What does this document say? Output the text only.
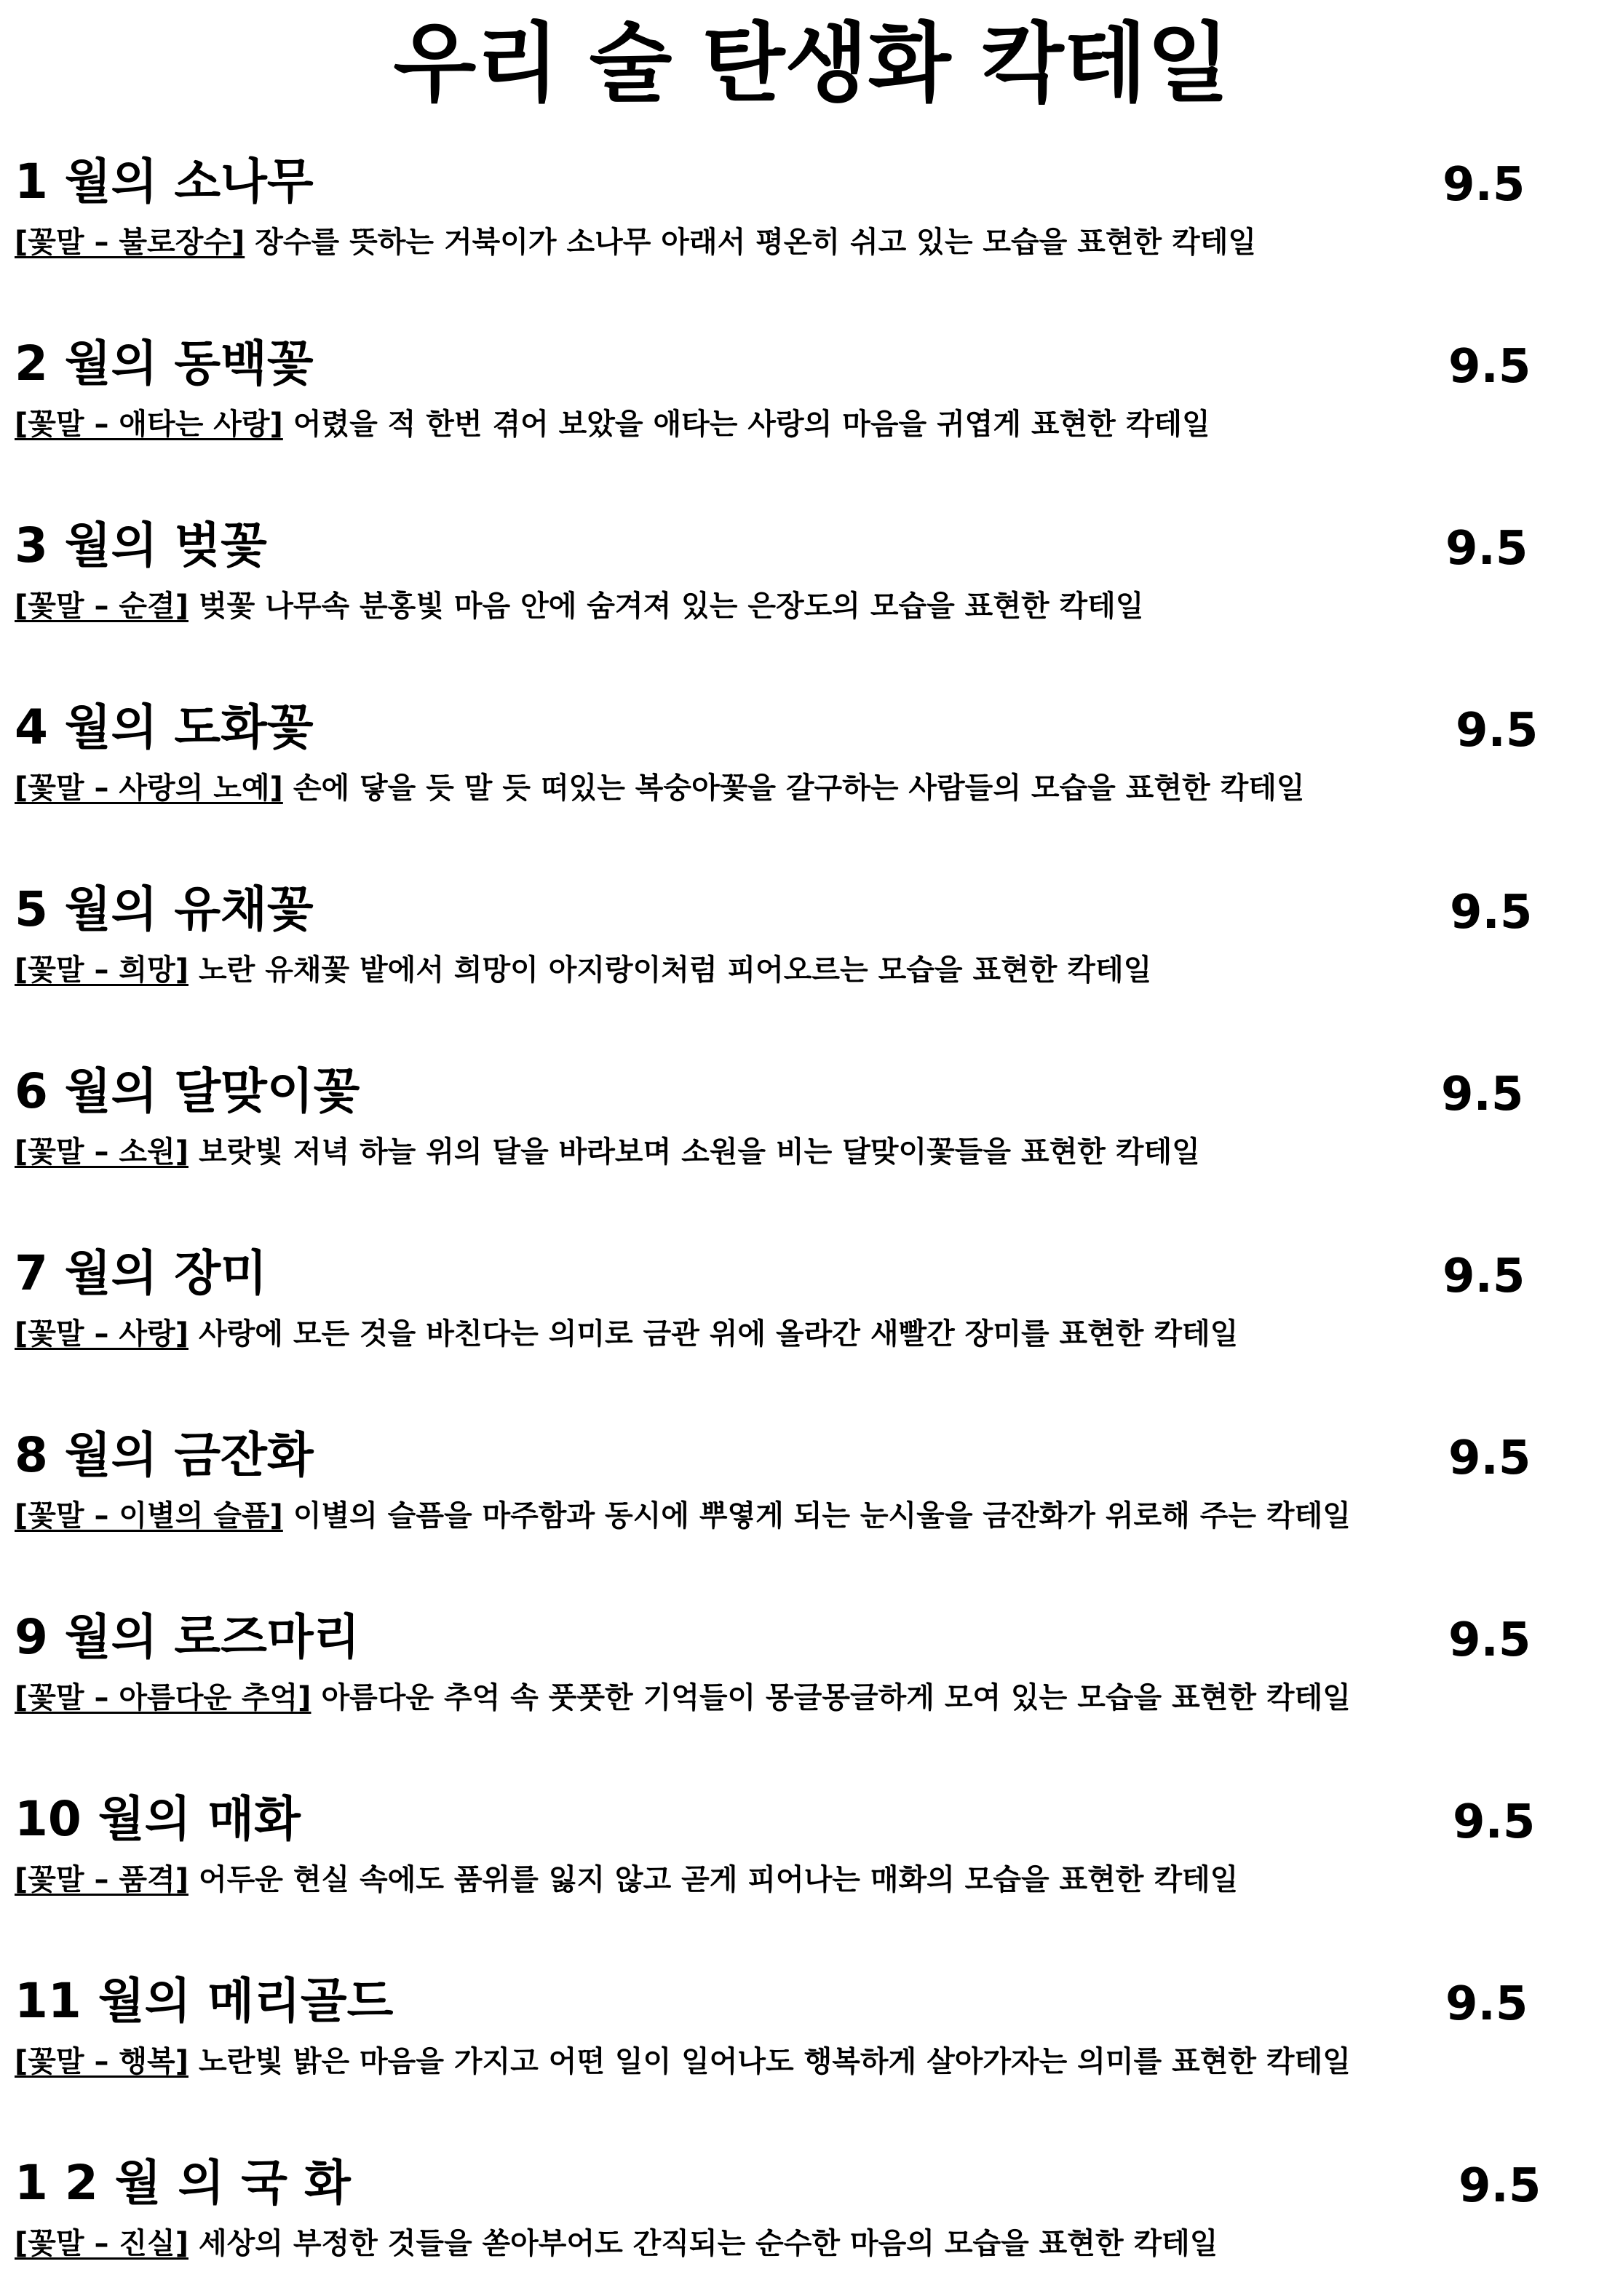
우리 술 탄생화 칵테일
1 월의 소나무	9.5
[꽃말 – 불로장수] 장수를 뜻하는 거북이가 소나무 아래서 평온히 쉬고 있는 모습을 표현한 칵테일
2 월의 동백꽃	9.5
[꽃말 – 애타는 사랑] 어렸을 적 한번 겪어 보았을 애타는 사랑의 마음을 귀엽게 표현한 칵테일
3 월의 벚꽃	9.5
[꽃말 – 순결] 벚꽃 나무속 분홍빛 마음 안에 숨겨져 있는 은장도의 모습을 표현한 칵테일
4 월의 도화꽃	9.5
[꽃말 – 사랑의 노예] 손에 닿을 듯 말 듯 떠있는 복숭아꽃을 갈구하는 사람들의 모습을 표현한 칵테일
5 월의 유채꽃	9.5
[꽃말 – 희망] 노란 유채꽃 밭에서 희망이 아지랑이처럼 피어오르는 모습을 표현한 칵테일
6 월의 달맞이꽃	9.5
[꽃말 – 소원] 보랏빛 저녁 하늘 위의 달을 바라보며 소원을 비는 달맞이꽃들을 표현한 칵테일
7 월의 장미	9.5
[꽃말 – 사랑] 사랑에 모든 것을 바친다는 의미로 금관 위에 올라간 새빨간 장미를 표현한 칵테일
8 월의 금잔화	9.5
[꽃말 – 이별의 슬픔] 이별의 슬픔을 마주함과 동시에 뿌옇게 되는 눈시울을 금잔화가 위로해 주는 칵테일
9 월의 로즈마리	9.5
[꽃말 – 아름다운 추억] 아름다운 추억 속 풋풋한 기억들이 몽글몽글하게 모여 있는 모습을 표현한 칵테일
10 월의 매화	9.5
[꽃말 – 품격] 어두운 현실 속에도 품위를 잃지 않고 곧게 피어나는 매화의 모습을 표현한 칵테일
11 월의 메리골드	9.5
[꽃말 – 행복] 노란빛 밝은 마음을 가지고 어떤 일이 일어나도 행복하게 살아가자는 의미를 표현한 칵테일
1 2 월 의 국 화	9.5
[꽃말 – 진실] 세상의 부정한 것들을 쏟아부어도 간직되는 순수한 마음의 모습을 표현한 칵테일
